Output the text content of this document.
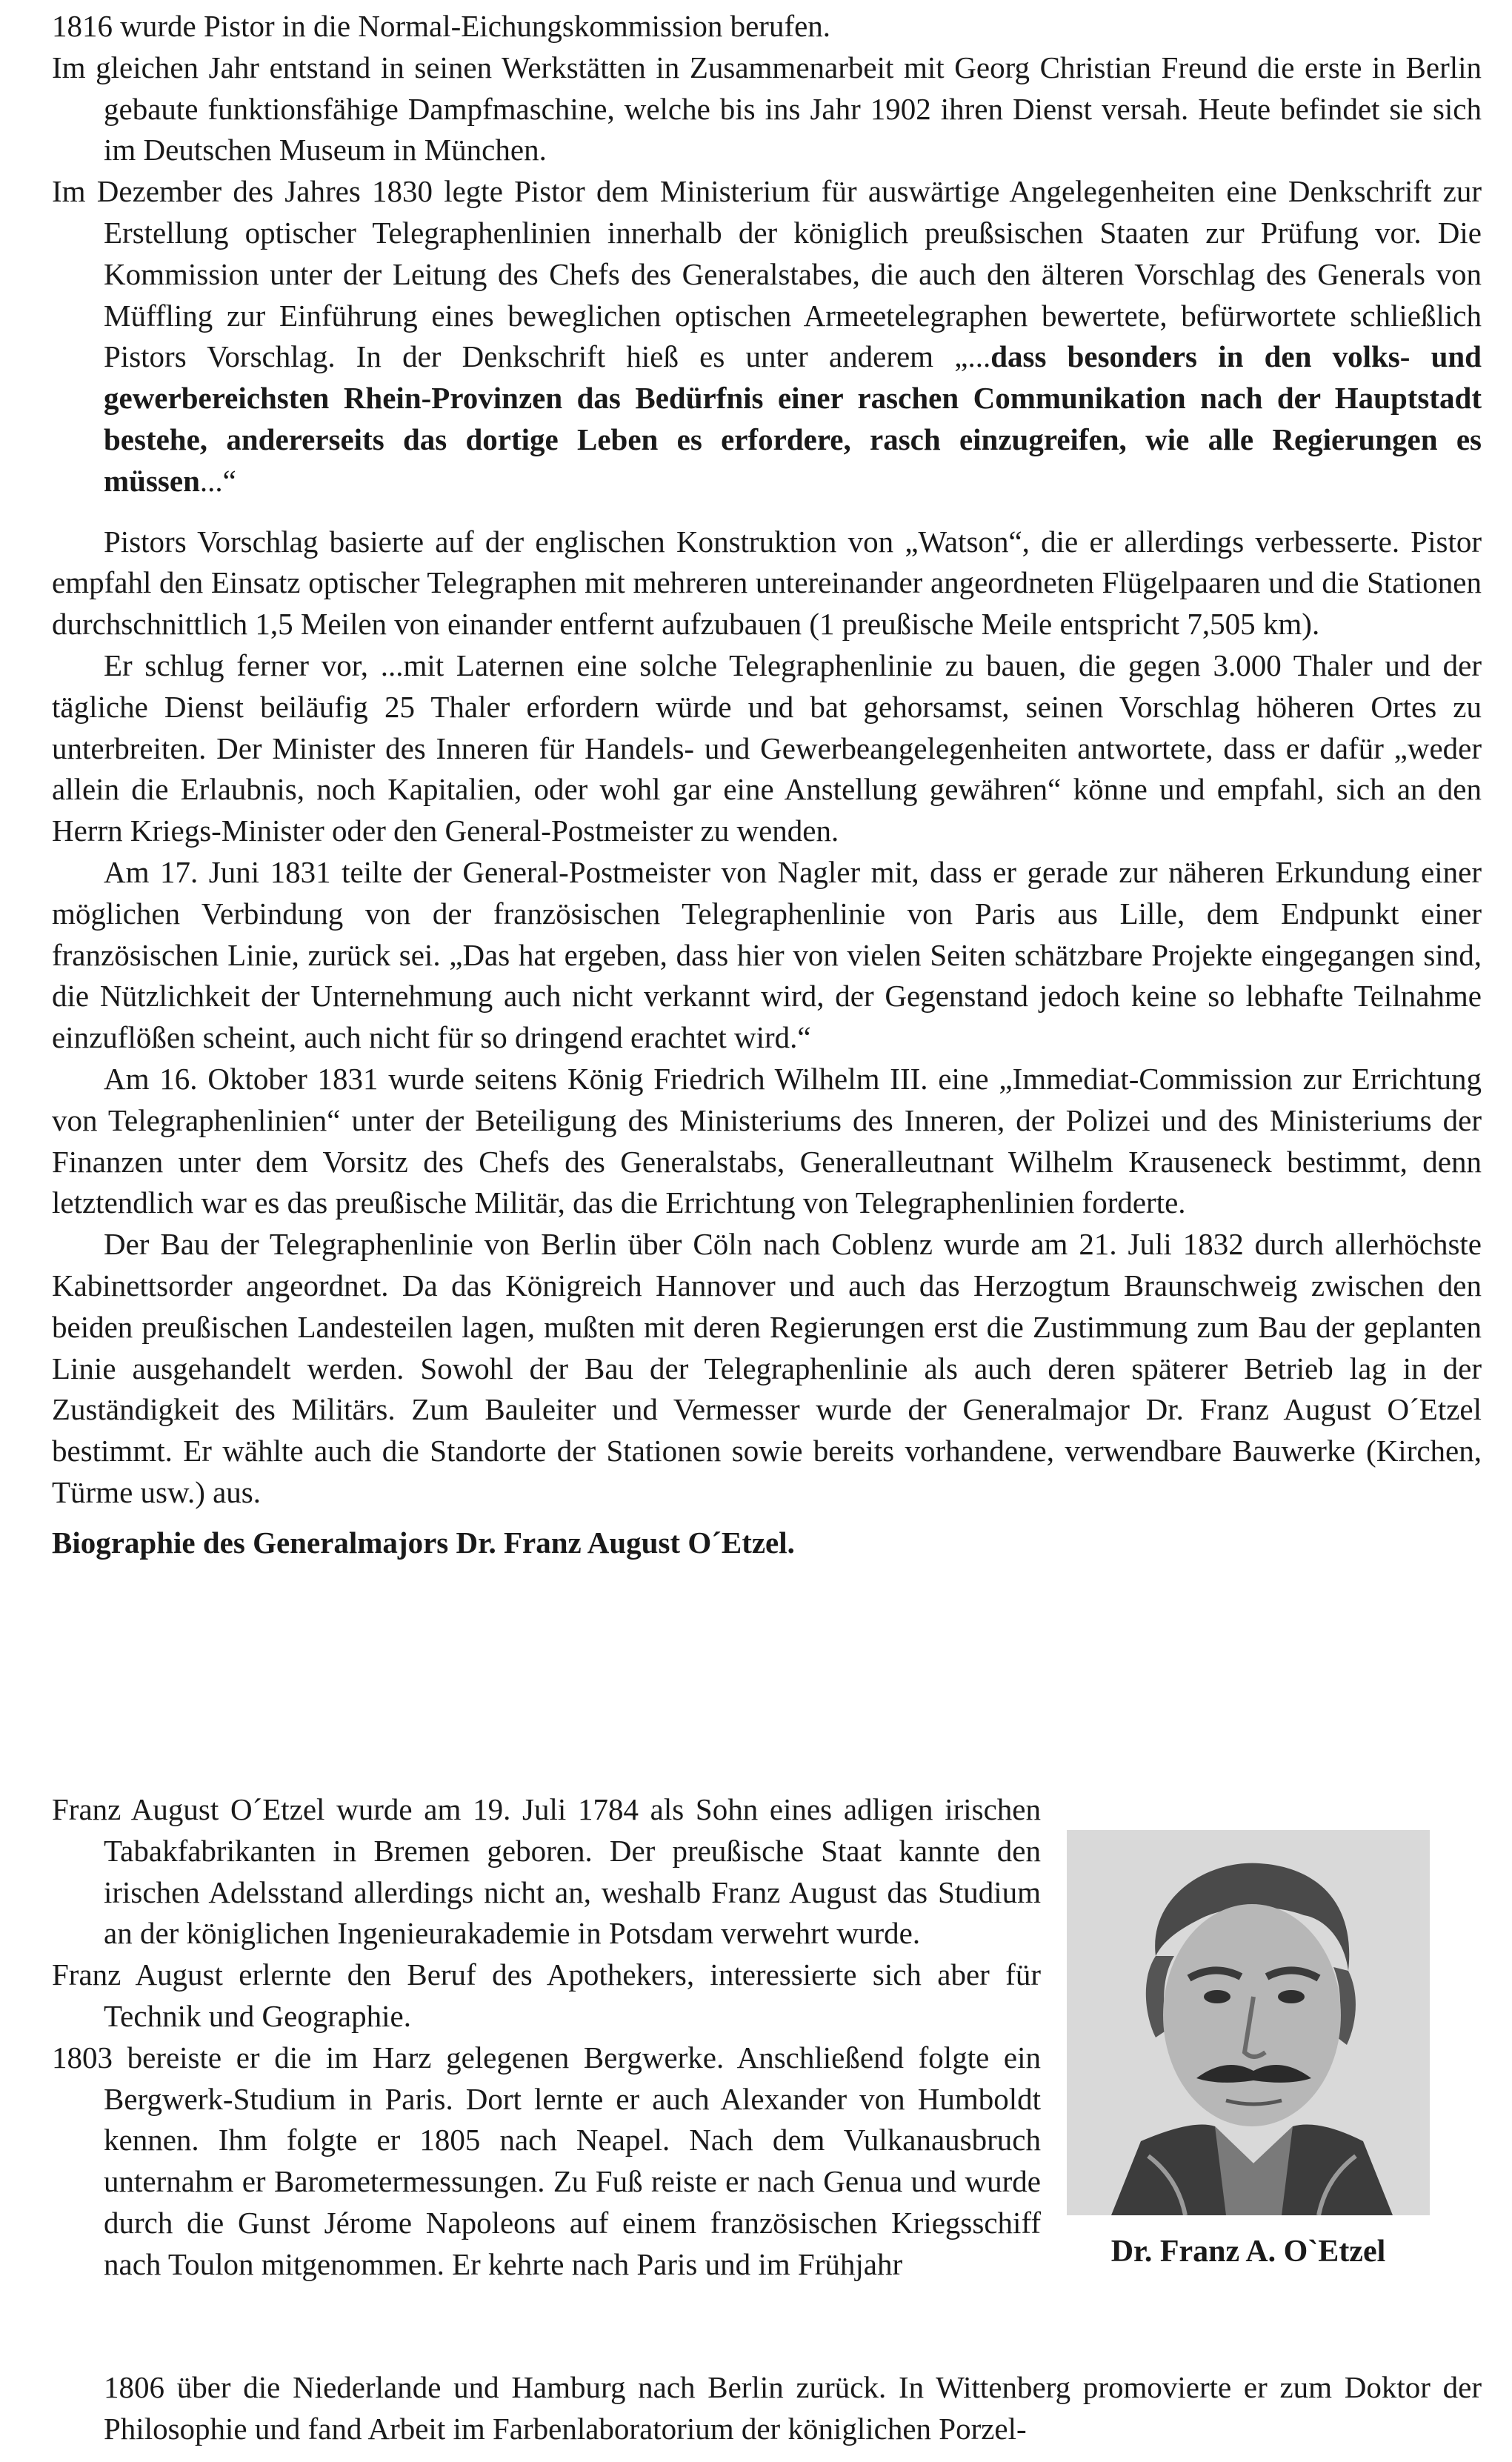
1816 wurde Pistor in die Normal-Eichungskommission berufen.

Im gleichen Jahr entstand in seinen Werkstätten in Zusammenarbeit mit Georg Christian Freund die erste in Berlin gebaute funktionsfähige Dampfmaschine, welche bis ins Jahr 1902 ihren Dienst versah. Heute befindet sie sich im Deutschen Museum in München.

Im Dezember des Jahres 1830 legte Pistor dem Ministerium für auswärtige Angelegenheiten eine Denkschrift zur Erstellung optischer Telegraphenlinien innerhalb der königlich preußsischen Staaten zur Prüfung vor. Die Kommission unter der Leitung des Chefs des Generalstabes, die auch den älteren Vorschlag des Generals von Müffling zur Einführung eines beweglichen optischen Armeetelegraphen bewertete, befürwortete schließlich Pistors Vorschlag. In der Denkschrift hieß es unter anderem „...dass besonders in den volks- und gewerbereichsten Rhein-Provinzen das Bedürfnis einer raschen Communikation nach der Hauptstadt bestehe, andererseits das dortige Leben es erfordere, rasch einzugreifen, wie alle Regierungen es müssen...“

Pistors Vorschlag basierte auf der englischen Konstruktion von „Watson“, die er allerdings verbesserte. Pistor empfahl den Einsatz optischer Telegraphen mit mehreren untereinander angeordneten Flügelpaaren und die Stationen durchschnittlich 1,5 Meilen von einander entfernt aufzubauen (1 preußische Meile entspricht 7,505 km).

Er schlug ferner vor, ...mit Laternen eine solche Telegraphenlinie zu bauen, die gegen 3.000 Thaler und der tägliche Dienst beiläufig 25 Thaler erfordern würde und bat gehorsamst, seinen Vorschlag höheren Ortes zu unterbreiten. Der Minister des Inneren für Handels- und Gewerbeangelegenheiten antwortete, dass er dafür „weder allein die Erlaubnis, noch Kapitalien, oder wohl gar eine Anstellung gewähren“ könne und empfahl, sich an den Herrn Kriegs-Minister oder den General-Postmeister zu wenden.

Am 17. Juni 1831 teilte der General-Postmeister von Nagler mit, dass er gerade zur näheren Erkundung einer möglichen Verbindung von der französischen Telegraphenlinie von Paris aus Lille, dem Endpunkt einer französischen Linie, zurück sei. „Das hat ergeben, dass hier von vielen Seiten schätzbare Projekte eingegangen sind, die Nützlichkeit der Unternehmung auch nicht verkannt wird, der Gegenstand jedoch keine so lebhafte Teilnahme einzuflößen scheint, auch nicht für so dringend erachtet wird.“

Am 16. Oktober 1831 wurde seitens König Friedrich Wilhelm III. eine „Immediat-Commission zur Errichtung von Telegraphenlinien“ unter der Beteiligung des Ministeriums des Inneren, der Polizei und des Ministeriums der Finanzen unter dem Vorsitz des Chefs des Generalstabs, Generalleutnant Wilhelm Krauseneck bestimmt, denn letztendlich war es das preußische Militär, das die Errichtung von Telegraphenlinien forderte.

Der Bau der Telegraphenlinie von Berlin über Cöln nach Coblenz wurde am 21. Juli 1832 durch allerhöchste Kabinettsorder angeordnet. Da das Königreich Hannover und auch das Herzogtum Braunschweig zwischen den beiden preußischen Landesteilen lagen, mußten mit deren Regierungen erst die Zustimmung zum Bau der geplanten Linie ausgehandelt werden. Sowohl der Bau der Telegraphenlinie als auch deren späterer Betrieb lag in der Zuständigkeit des Militärs. Zum Bauleiter und Vermesser wurde der Generalmajor Dr. Franz August O´Etzel bestimmt. Er wählte auch die Standorte der Stationen sowie bereits vorhandene, verwendbare Bauwerke (Kirchen, Türme usw.) aus.

Biographie des Generalmajors Dr. Franz August O´Etzel.

Franz August O´Etzel wurde am 19. Juli 1784 als Sohn eines adligen irischen Tabakfabrikanten in Bremen geboren. Der preußische Staat kannte den irischen Adelsstand allerdings nicht an, weshalb Franz August das Studium an der königlichen Ingenieurakademie in Potsdam verwehrt wurde.

Franz August erlernte den Beruf des Apothekers, interessierte sich aber für Technik und Geographie.

1803 bereiste er die im Harz gelegenen Bergwerke. Anschließend folgte ein Bergwerk-Studium in Paris. Dort lernte er auch Alexander von Humboldt kennen. Ihm folgte er 1805 nach Neapel. Nach dem Vulkanausbruch unternahm er Barometermessungen. Zu Fuß reiste er nach Genua und wurde durch die Gunst Jérome Napoleons auf einem französischen Kriegsschiff nach Toulon mitgenommen. Er kehrte nach Paris und im Frühjahr	Dr. Franz A. O`Etzel

1806 über die Niederlande und Hamburg nach Berlin zurück. In Wittenberg promovierte er zum Doktor der Philosophie und fand Arbeit im Farbenlaboratorium der königlichen Porzel-
